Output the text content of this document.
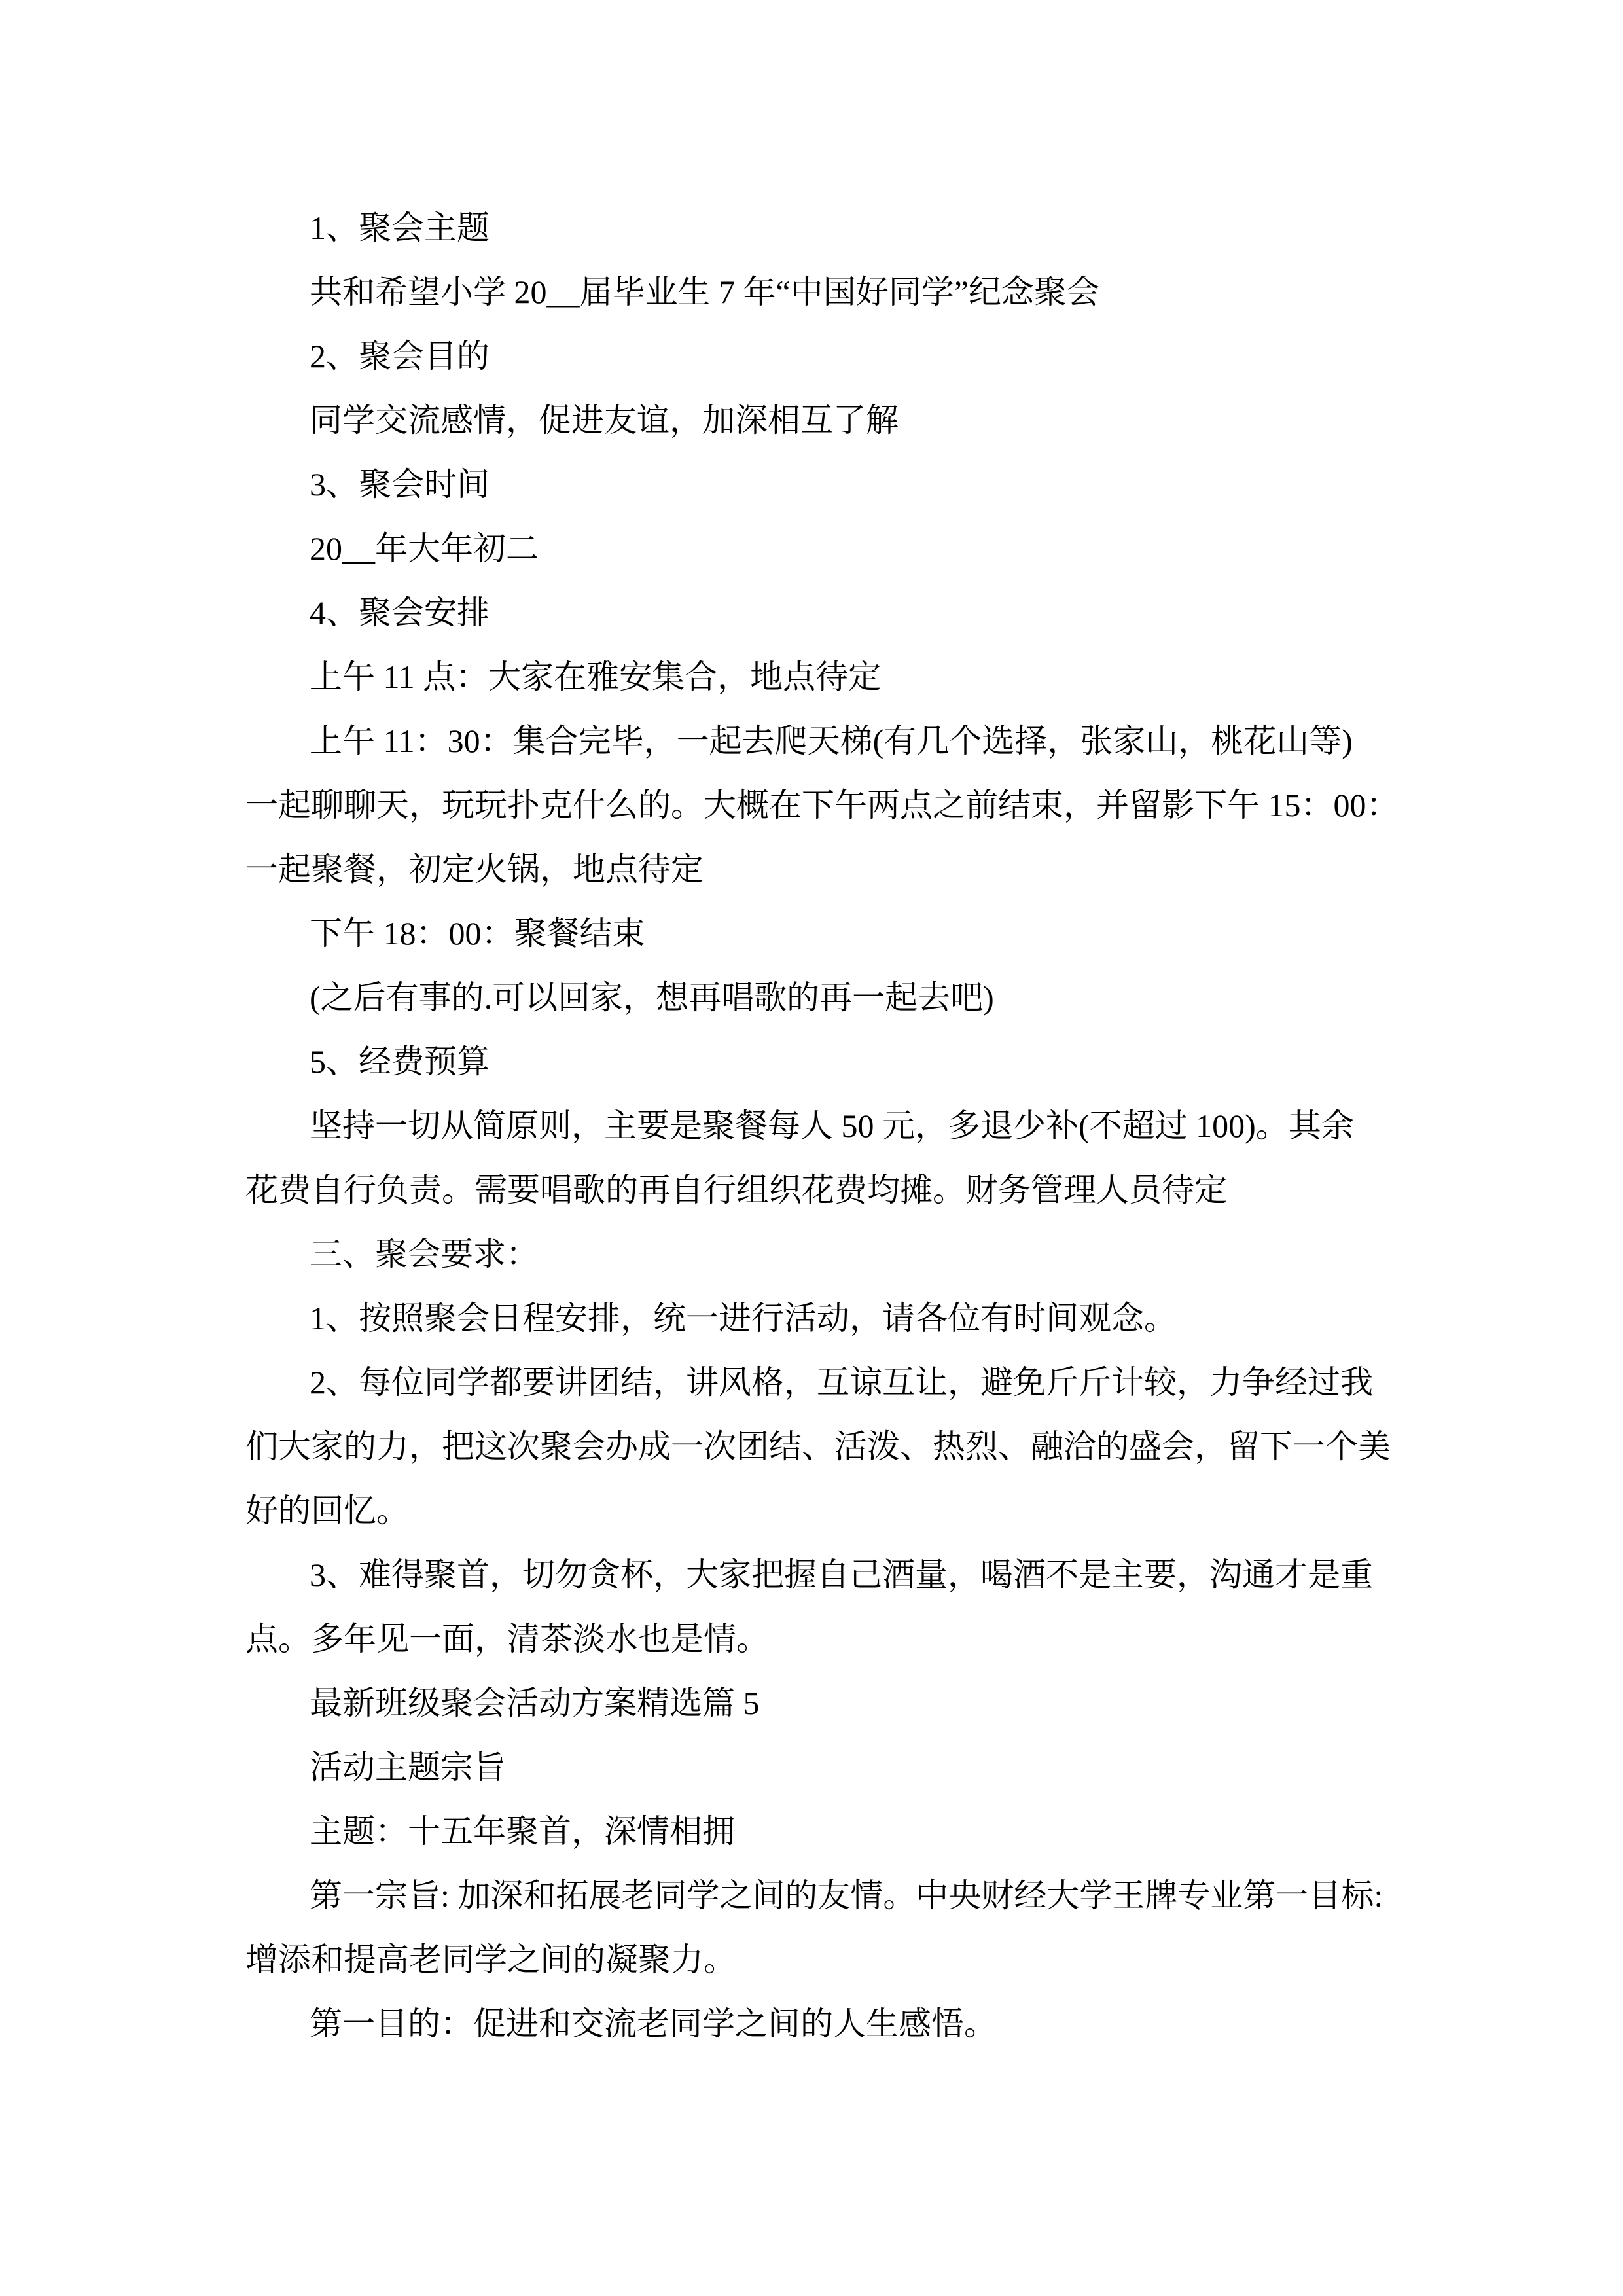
1、聚会主题
共和希望小学 20__届毕业生 7 年“中国好同学”纪念聚会
2、聚会目的
同学交流感情，促进友谊，加深相互了解
3、聚会时间
20__年大年初二
4、聚会安排
上午 11 点：大家在雅安集合，地点待定
上午 11：30：集合完毕，一起去爬天梯(有几个选择，张家山，桃花山等)
一起聊聊天，玩玩扑克什么的。大概在下午两点之前结束，并留影下午 15：00：
一起聚餐，初定火锅，地点待定
下午 18：00：聚餐结束
(之后有事的.可以回家，想再唱歌的再一起去吧)
5、经费预算
坚持一切从简原则，主要是聚餐每人 50 元，多退少补(不超过 100)。其余
花费自行负责。需要唱歌的再自行组织花费均摊。财务管理人员待定
三、聚会要求：
1、按照聚会日程安排，统一进行活动，请各位有时间观念。
2、每位同学都要讲团结，讲风格，互谅互让，避免斤斤计较，力争经过我
们大家的力，把这次聚会办成一次团结、活泼、热烈、融洽的盛会，留下一个美
好的回忆。
3、难得聚首，切勿贪杯，大家把握自己酒量，喝酒不是主要，沟通才是重
点。多年见一面，清茶淡水也是情。
最新班级聚会活动方案精选篇 5
活动主题宗旨
主题：十五年聚首，深情相拥
第一宗旨: 加深和拓展老同学之间的友情。中央财经大学王牌专业第一目标:
增添和提高老同学之间的凝聚力。
第一目的：促进和交流老同学之间的人生感悟。
